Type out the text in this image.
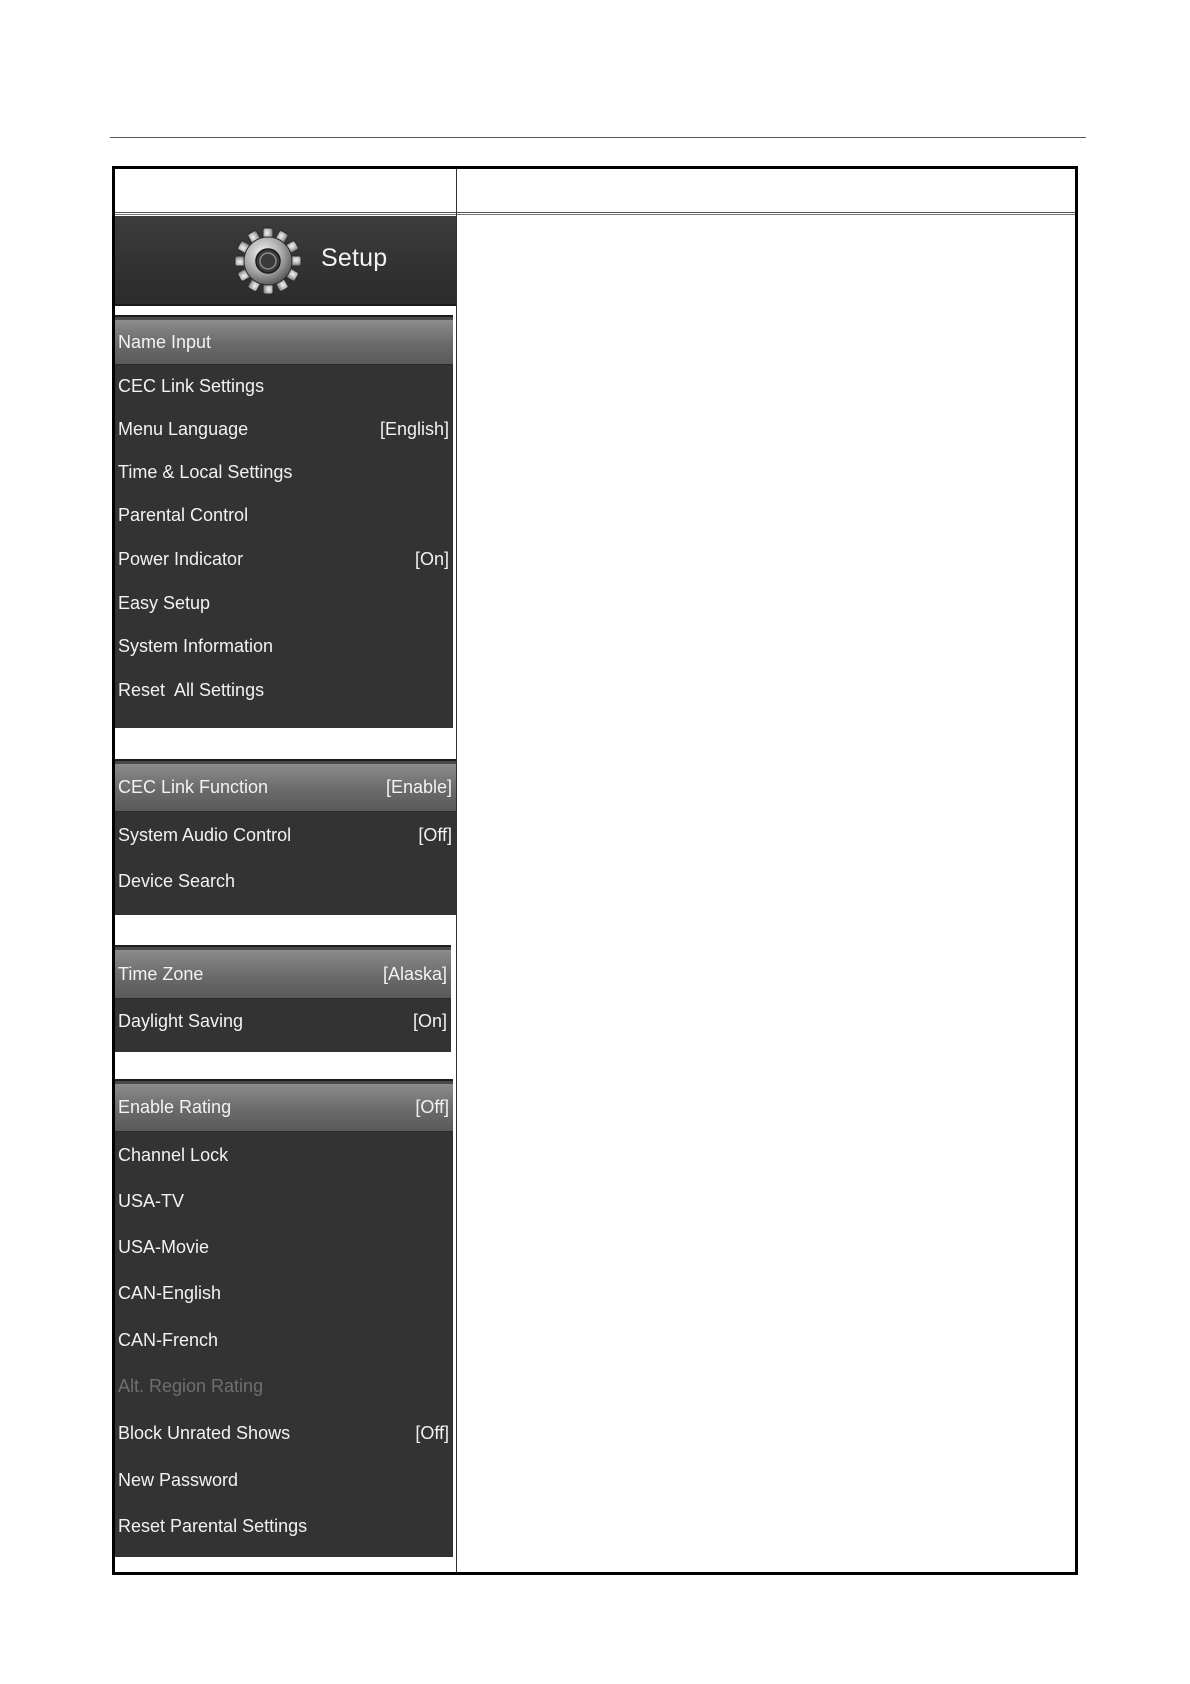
Setup
Name Input
CEC Link Settings
Menu Language	[English]
Time & Local Settings
Parental Control
Power Indicator	[On]
Easy Setup
System Information
Reset  All Settings
CEC Link Function	[Enable]
System Audio Control	[Off]
Device Search
Time Zone	[Alaska]
Daylight Saving	[On]
Enable Rating	[Off]
Channel Lock
USA-TV
USA-Movie
CAN-English
CAN-French
Alt. Region Rating
Block Unrated Shows	[Off]
New Password
Reset Parental Settings
